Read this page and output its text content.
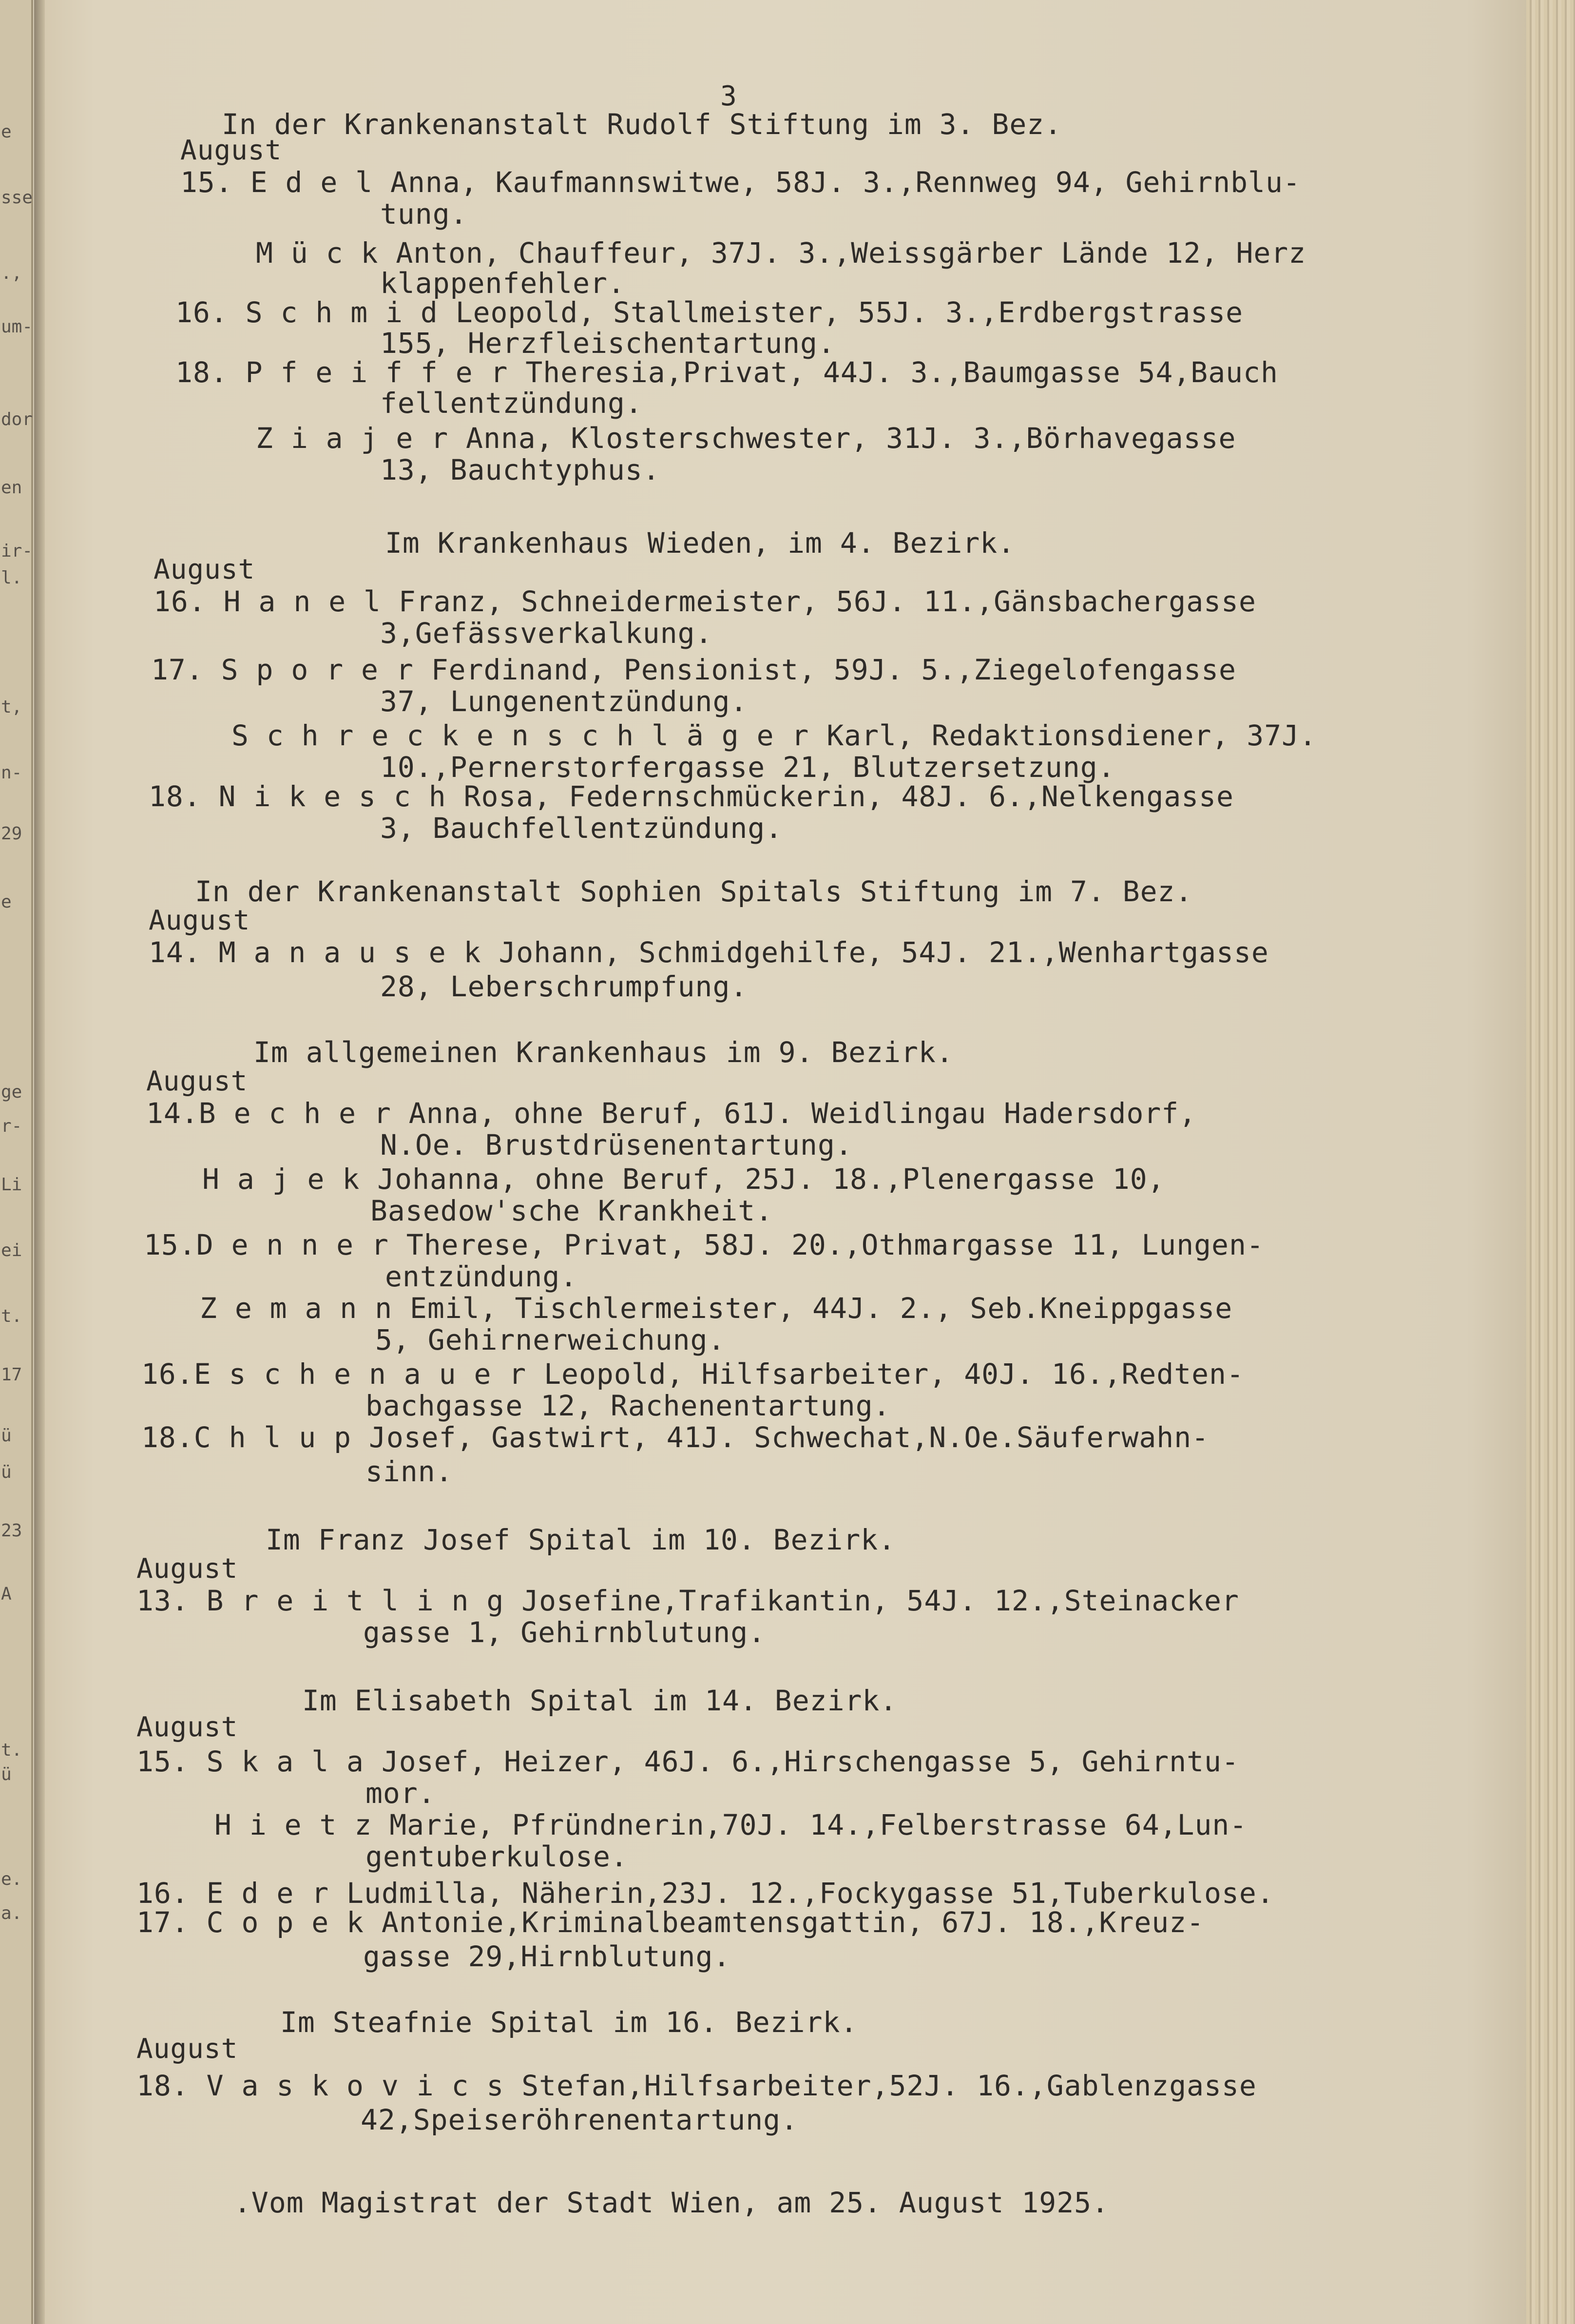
e
sse
.,
um-
dor
en
ir-
l.
t,
n-
29
e
ge
r-
Li
ei
t.
17
ü
ü
23
A
t.
ü
e.
a.
3
In der Krankenanstalt Rudolf Stiftung im 3. Bez.
August
15. E d e l Anna, Kaufmannswitwe, 58J. 3.,Rennweg 94, Gehirnblu-
tung.
M ü c k Anton, Chauffeur, 37J. 3.,Weissgärber Lände 12, Herz
klappenfehler.
16. S c h m i d Leopold, Stallmeister, 55J. 3.,Erdbergstrasse
155, Herzfleischentartung.
18. P f e i f f e r Theresia,Privat, 44J. 3.,Baumgasse 54,Bauch
fellentzündung.
Z i a j e r Anna, Klosterschwester, 31J. 3.,Börhavegasse
13, Bauchtyphus.
Im Krankenhaus Wieden, im 4. Bezirk.
August
16. H a n e l Franz, Schneidermeister, 56J. 11.,Gänsbachergasse
3,Gefässverkalkung.
17. S p o r e r Ferdinand, Pensionist, 59J. 5.,Ziegelofengasse
37, Lungenentzündung.
S c h r e c k e n s c h l ä g e r Karl, Redaktionsdiener, 37J.
10.,Pernerstorfergasse 21, Blutzersetzung.
18. N i k e s c h Rosa, Federnschmückerin, 48J. 6.,Nelkengasse
3, Bauchfellentzündung.
In der Krankenanstalt Sophien Spitals Stiftung im 7. Bez.
August
14. M a n a u s e k Johann, Schmidgehilfe, 54J. 21.,Wenhartgasse
28, Leberschrumpfung.
Im allgemeinen Krankenhaus im 9. Bezirk.
August
14.B e c h e r Anna, ohne Beruf, 61J. Weidlingau Hadersdorf,
N.Oe. Brustdrüsenentartung.
H a j e k Johanna, ohne Beruf, 25J. 18.,Plenergasse 10,
Basedow'sche Krankheit.
15.D e n n e r Therese, Privat, 58J. 20.,Othmargasse 11, Lungen-
entzündung.
Z e m a n n Emil, Tischlermeister, 44J. 2., Seb.Kneippgasse
5, Gehirnerweichung.
16.E s c h e n a u e r Leopold, Hilfsarbeiter, 40J. 16.,Redten-
bachgasse 12, Rachenentartung.
18.C h l u p Josef, Gastwirt, 41J. Schwechat,N.Oe.Säuferwahn-
sinn.
Im Franz Josef Spital im 10. Bezirk.
August
13. B r e i t l i n g Josefine,Trafikantin, 54J. 12.,Steinacker
gasse 1, Gehirnblutung.
Im Elisabeth Spital im 14. Bezirk.
August
15. S k a l a Josef, Heizer, 46J. 6.,Hirschengasse 5, Gehirntu-
mor.
H i e t z Marie, Pfründnerin,70J. 14.,Felberstrasse 64,Lun-
gentuberkulose.
16. E d e r Ludmilla, Näherin,23J. 12.,Fockygasse 51,Tuberkulose.
17. C o p e k Antonie,Kriminalbeamtensgattin, 67J. 18.,Kreuz-
gasse 29,Hirnblutung.
Im Steafnie Spital im 16. Bezirk.
August
18. V a s k o v i c s Stefan,Hilfsarbeiter,52J. 16.,Gablenzgasse
42,Speiseröhrenentartung.
.Vom Magistrat der Stadt Wien, am 25. August 1925.
